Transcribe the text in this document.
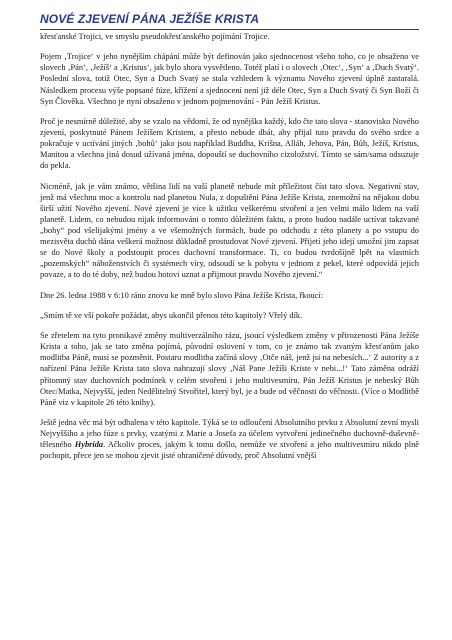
NOVÉ ZJEVENÍ PÁNA JEŽÍŠE KRISTA

křesťanské Trojici, ve smyslu pseudokřesťanského pojímání Trojice.

Pojem ‚Trojice‘ v jeho nynějším chápání může být definován jako sjednocenost všeho toho, co je obsaženo ve slovech ‚Pán‘, ‚Ježíš‘ a ‚Kristus‘, jak bylo shora vysvětleno. Totéž platí i o slovech ‚Otec‘, ‚Syn‘ a ‚Duch Svatý‘. Poslední slova, totiž Otec, Syn a Duch Svatý se stala vzhledem k významu Nového zjevení úplně zastaralá. Následkem procesu výše popsané fúze, křížení a sjednocení není již déle Otec, Syn a Duch Svatý či Syn Boží či Syn Člověka. Všechno je nyní obsaženo v jednom pojmenování - Pán Ježíš Kristus.

Proč je nesmírně důležité, aby se vzalo na vědomí, že od nynějška každý, kdo čte tato slova - stanovisko Nového zjevení, poskytnuté Pánem Ježíšem Kristem, a přesto nebude dbát, aby přijal tuto pravdu do svého srdce a pokračuje v uctívání jiných ‚bohů‘ jako jsou například Buddha, Krišna, Alláh, Jehova, Pán, Bůh, Ježíš, Kristus, Manitou a všechna jiná dosud užívaná jména, dopouští se duchovního cizoložství. Tímto se sám/sama odsuzuje do pekla.

Nicméně, jak je vám známo, většina lidí na vaší planetě nebude mít příležitost číst tato slova. Negativní stav, jenž má všechnu moc a kontrolu nad planetou Nula, z dopuštění Pána Ježíše Krista, znemožní na nějakou dobu širší užití Nového zjevení. Nové zjevení je více k užitku veškerému stvoření a jen velmi málo lidem na vaší planetě. Lidem, co nebudou nijak informováni o tomto důležitém faktu, a proto budou nadále uctívat takzvané „bohy“ pod všelijakými jmény a ve všemožných formách, bude po odchodu z této planety a po vstupu do mezisvěta duchů dána veškerá možnost důkladně prostudovat Nové zjevení. Přijetí jeho idejí umožní jim zapsat se do Nové školy a podstoupit proces duchovní transformace. Ti, co budou tvrdošíjně lpět na vlastních „pozemských“ náboženstvích či systémech víry, odsoudí se k pobytu v jednom z pekel, které odpovídá jejich povaze, a to do té doby, než budou hotovi uznat a přijmout pravdu Nového zjevení.“

Dne 26. ledna 1988 v 6:10 ráno znovu ke mně bylo slovo Pána Ježíše Krista, řkoucí:

„Smím tě ve vší pokoře požádat, abys ukončil přenos této kapitoly? Vřelý dík.

Se zřetelem na tyto pronikavé změny multiverzálního rázu, jsoucí výsledkem změny v přirozenosti Pána Ježíše Krista a toho, jak se tato změna pojímá, původní oslovení v tom, co je známo tak zvaným křesťanům jako modlitba Páně, musí se pozměnit. Postaru modlitba začíná slovy ‚Otče náš, jenž jsi na nebesích...‘ Z autority a z nařízení Pána Ježíše Krista tato slova nahrazují slovy ‚Náš Pane Ježíši Kriste v nebi...!‘ Tato záměna odráží přítomný stav duchovních podmínek v celém stvoření i jeho multivesmíru. Pán Ježíš Kristus je nebeský Bůh Otec/Matka, Nejvyšší, jeden Nedělitelný Stvořitel, který byl, je a bude od věčnosti do věčnosti. (Více o Modlitbě Páně viz v kapitole 26 této knihy).

Ještě jedna věc má být odhalena v této kapitole. Týká se to odloučení Absolutního prvku z Absolutní zevní mysli Nejvyššího a jeho fúze s prvky, vzatými z Marie a Josefa za účelem vytvoření jedinečného duchovně-duševně-tělesného Hybrida. Ačkoliv proces, jakým k tomu došlo, nemůže ve stvoření a jeho multivesmíru nikdo plně pochopit, přece jen se mohou zjevit jisté ohraničené důvody, proč Absolutní vnější
